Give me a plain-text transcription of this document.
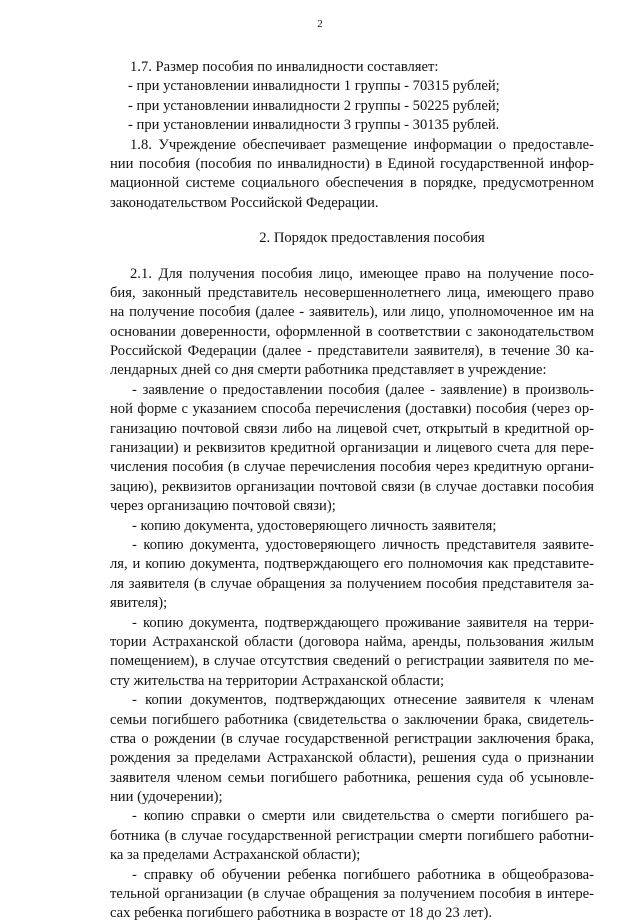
2
1.7. Размер пособия по инвалидности составляет:
- при установлении инвалидности 1 группы - 70315 рублей;
- при установлении инвалидности 2 группы - 50225 рублей;
- при установлении инвалидности 3 группы - 30135 рублей.
1.8. Учреждение обеспечивает размещение информации о предоставле-
нии пособия (пособия по инвалидности) в Единой государственной инфор-
мационной системе социального обеспечения в порядке, предусмотренном
законодательством Российской Федерации.
2. Порядок предоставления пособия
2.1. Для получения пособия лицо, имеющее право на получение посо-
бия, законный представитель несовершеннолетнего лица, имеющего право
на получение пособия (далее - заявитель), или лицо, уполномоченное им на
основании доверенности, оформленной в соответствии с законодательством
Российской Федерации (далее - представители заявителя), в течение 30 ка-
лендарных дней со дня смерти работника представляет в учреждение:
- заявление о предоставлении пособия (далее - заявление) в произволь-
ной форме с указанием способа перечисления (доставки) пособия (через ор-
ганизацию почтовой связи либо на лицевой счет, открытый в кредитной ор-
ганизации) и реквизитов кредитной организации и лицевого счета для пере-
числения пособия (в случае перечисления пособия через кредитную органи-
зацию), реквизитов организации почтовой связи (в случае доставки пособия
через организацию почтовой связи);
- копию документа, удостоверяющего личность заявителя;
- копию документа, удостоверяющего личность представителя заявите-
ля, и копию документа, подтверждающего его полномочия как представите-
ля заявителя (в случае обращения за получением пособия представителя за-
явителя);
- копию документа, подтверждающего проживание заявителя на терри-
тории Астраханской области (договора найма, аренды, пользования жилым
помещением), в случае отсутствия сведений о регистрации заявителя по ме-
сту жительства на территории Астраханской области;
- копии документов, подтверждающих отнесение заявителя к членам
семьи погибшего работника (свидетельства о заключении брака, свидетель-
ства о рождении (в случае государственной регистрации заключения брака,
рождения за пределами Астраханской области), решения суда о признании
заявителя членом семьи погибшего работника, решения суда об усыновле-
нии (удочерении);
- копию справки о смерти или свидетельства о смерти погибшего ра-
ботника (в случае государственной регистрации смерти погибшего работни-
ка за пределами Астраханской области);
- справку об обучении ребенка погибшего работника в общеобразова-
тельной организации (в случае обращения за получением пособия в интере-
сах ребенка погибшего работника в возрасте от 18 до 23 лет).
